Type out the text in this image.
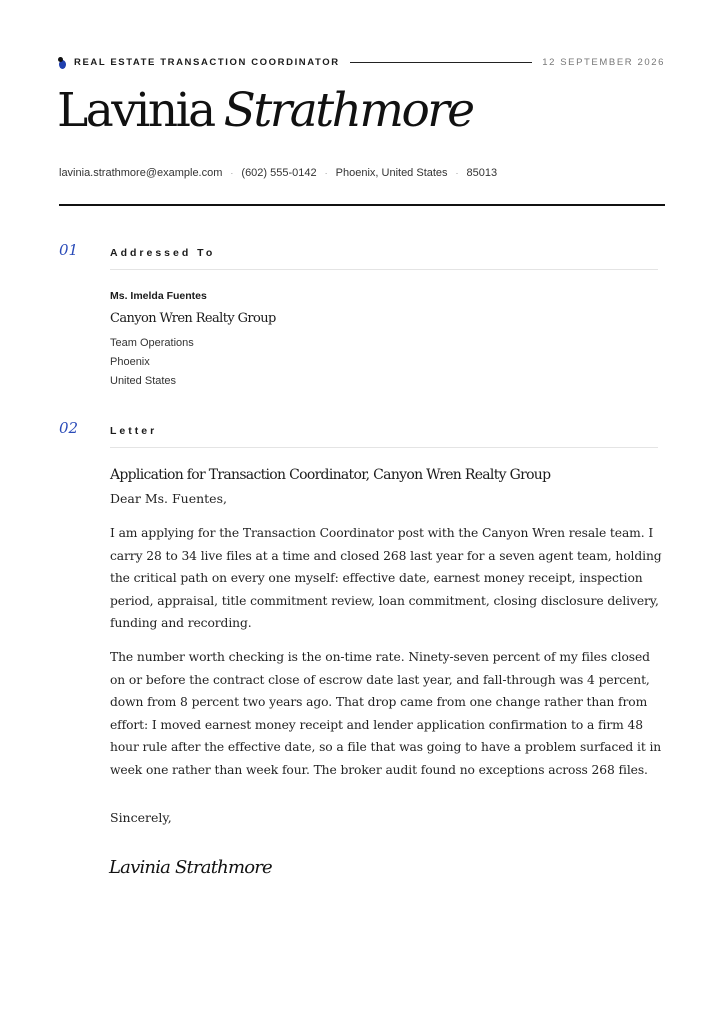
REAL ESTATE TRANSACTION COORDINATOR	12 SEPTEMBER 2026
Lavinia Strathmore
lavinia.strathmore@example.com · (602) 555-0142 · Phoenix, United States · 85013
01	Addressed To
Ms. Imelda Fuentes
Canyon Wren Realty Group
Team Operations
Phoenix
United States
02	Letter
Application for Transaction Coordinator, Canyon Wren Realty Group
Dear Ms. Fuentes,
I am applying for the Transaction Coordinator post with the Canyon Wren resale team. I carry 28 to 34 live files at a time and closed 268 last year for a seven agent team, holding the critical path on every one myself: effective date, earnest money receipt, inspection period, appraisal, title commitment review, loan commitment, closing disclosure delivery, funding and recording.
The number worth checking is the on-time rate. Ninety-seven percent of my files closed on or before the contract close of escrow date last year, and fall-through was 4 percent, down from 8 percent two years ago. That drop came from one change rather than from effort: I moved earnest money receipt and lender application confirmation to a firm 48 hour rule after the effective date, so a file that was going to have a problem surfaced it in week one rather than week four. The broker audit found no exceptions across 268 files.
Sincerely,
Lavinia Strathmore
